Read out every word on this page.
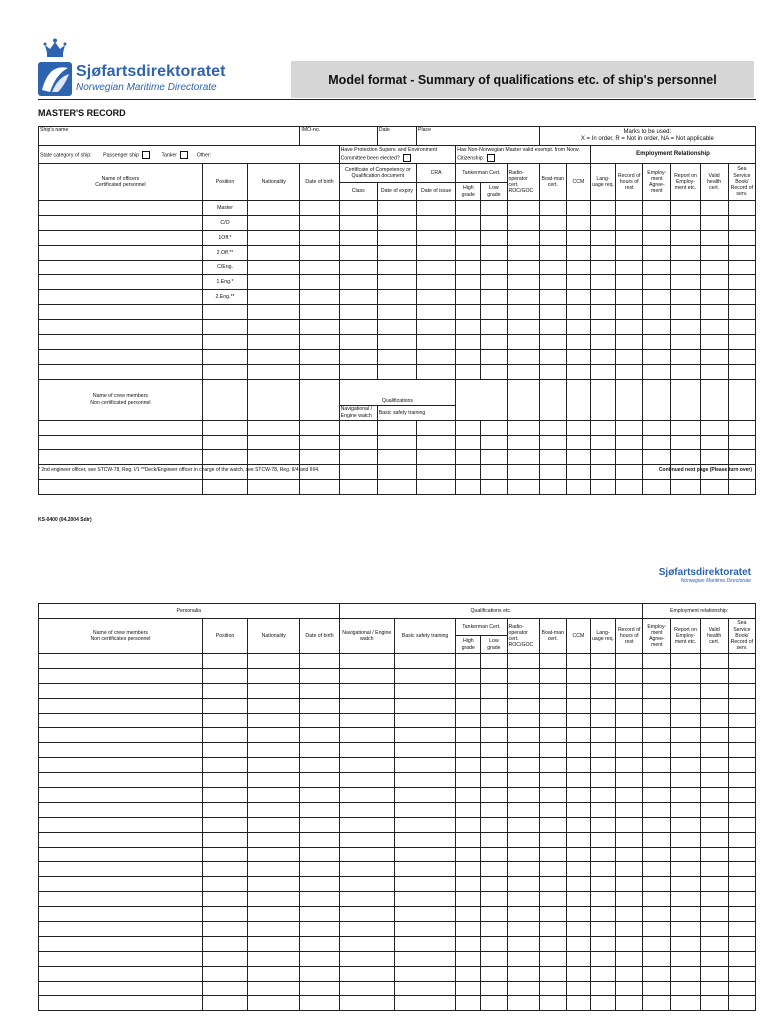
Sjøfartsdirektoratet
Norwegian Maritime Directorate
Model format - Summary of qualifications etc. of ship's personnel
MASTER'S RECORD
Ship's name			IMO-no.		Date	Place				Marks to be used:
X = In order, R = Not in order, NA = Not applicable							

State category of ship: Passenger ship Tanker Other:				Have Protection Superv. and Environment Committee been elected?			Has Non-Norwegian Master valid exempt. from Norw. Citizenship:					Employment Relationship					
Name of officers
Certificated personnel	Position	Nationality	Date of birth	Certificate of Competency or Qualification document		CRA	Tankerman Cert.		Radio-operator cert. ROC/GOC	Boat-man cert.	CCM	Lang-uage req.	Record of hours of rest	Employ-ment Agree-ment	Report on Employ-ment etc.	Valid health cert.	Sea Service Book/ Record of serv.
				Class	Date of expiry	Date of issue	High grade	Low grade									
	Master																
	C/O																
	1Off.*																
	2.Off.**																
	C/Eng.																
	1.Eng.*																
	2.Eng.**																

Name of crew members
Non certificated personnel				Qualifications													
				Navigational / Engine watch	Basic safety training												

* 2nd engineer officer, see STCW-78, Reg. I/1 **Deck/Engineer officer in charge of the watch, see STCW-78, Reg. II/4 and III/4.	Continued next page (Please turn over)
KS-0400 (04.2004 Sdir)
Sjøfartsdirektoratet
Norwegian Maritime Directorate
Personalia				Qualifications etc.									Employment relationship:			
Name of crew members
Non certificates personnel	Position	Nationality	Date of birth	Navigational / Engine watch	Basic safety training	Tankerman Cert.		Radio-operator cert. ROC/GOC	Boat-man cert.	CCM	Lang-uage req.	Record of hours of rest	Employ-ment Agree-ment	Report on Employ-ment etc.	Valid health cert.	Sea Service Book/ Record of serv.
						High grade	Low grade									
